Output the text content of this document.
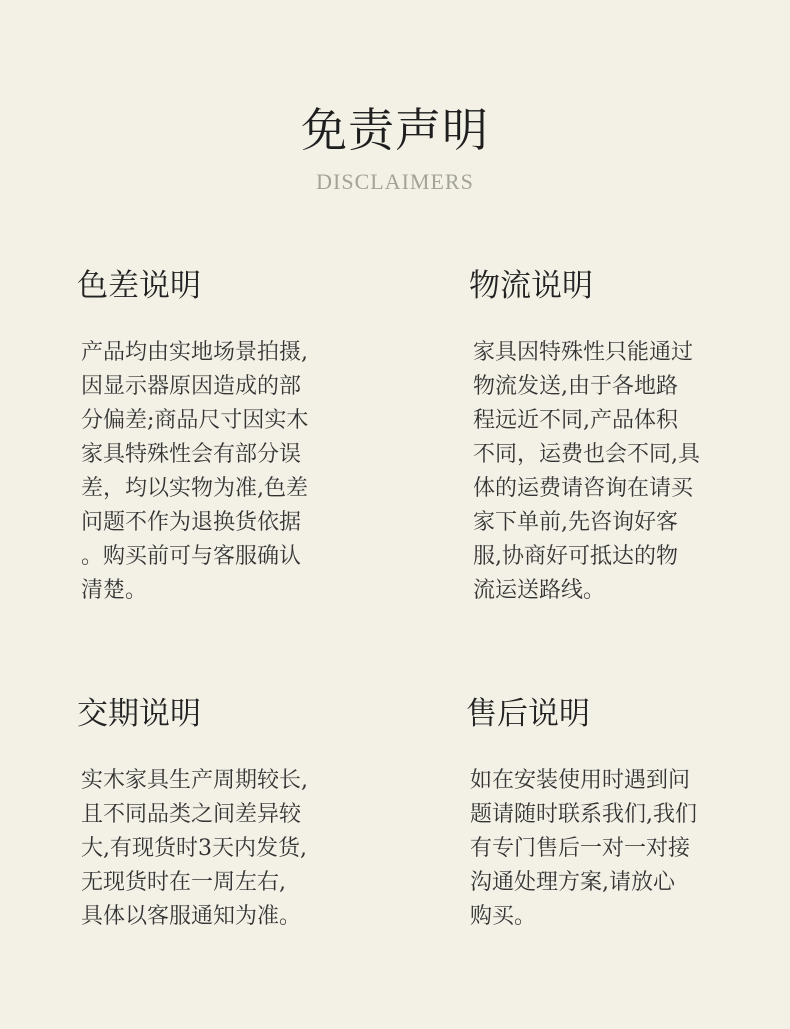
免责声明
DISCLAIMERS
色差说明
产品均由实地场景拍摄,
因显示器原因造成的部
分偏差;商品尺寸因实木
家具特殊性会有部分误
差，均以实物为准,色差
问题不作为退换货依据
。购买前可与客服确认
清楚。
物流说明
家具因特殊性只能通过
物流发送,由于各地路
程远近不同,产品体积
不同，运费也会不同,具
体的运费请咨询在请买
家下单前,先咨询好客
服,协商好可抵达的物
流运送路线。
交期说明
实木家具生产周期较长,
且不同品类之间差异较
大,有现货时3天内发货,
无现货时在一周左右,
具体以客服通知为准。
售后说明
如在安装使用时遇到问
题请随时联系我们,我们
有专门售后一对一对接
沟通处理方案,请放心
购买。
